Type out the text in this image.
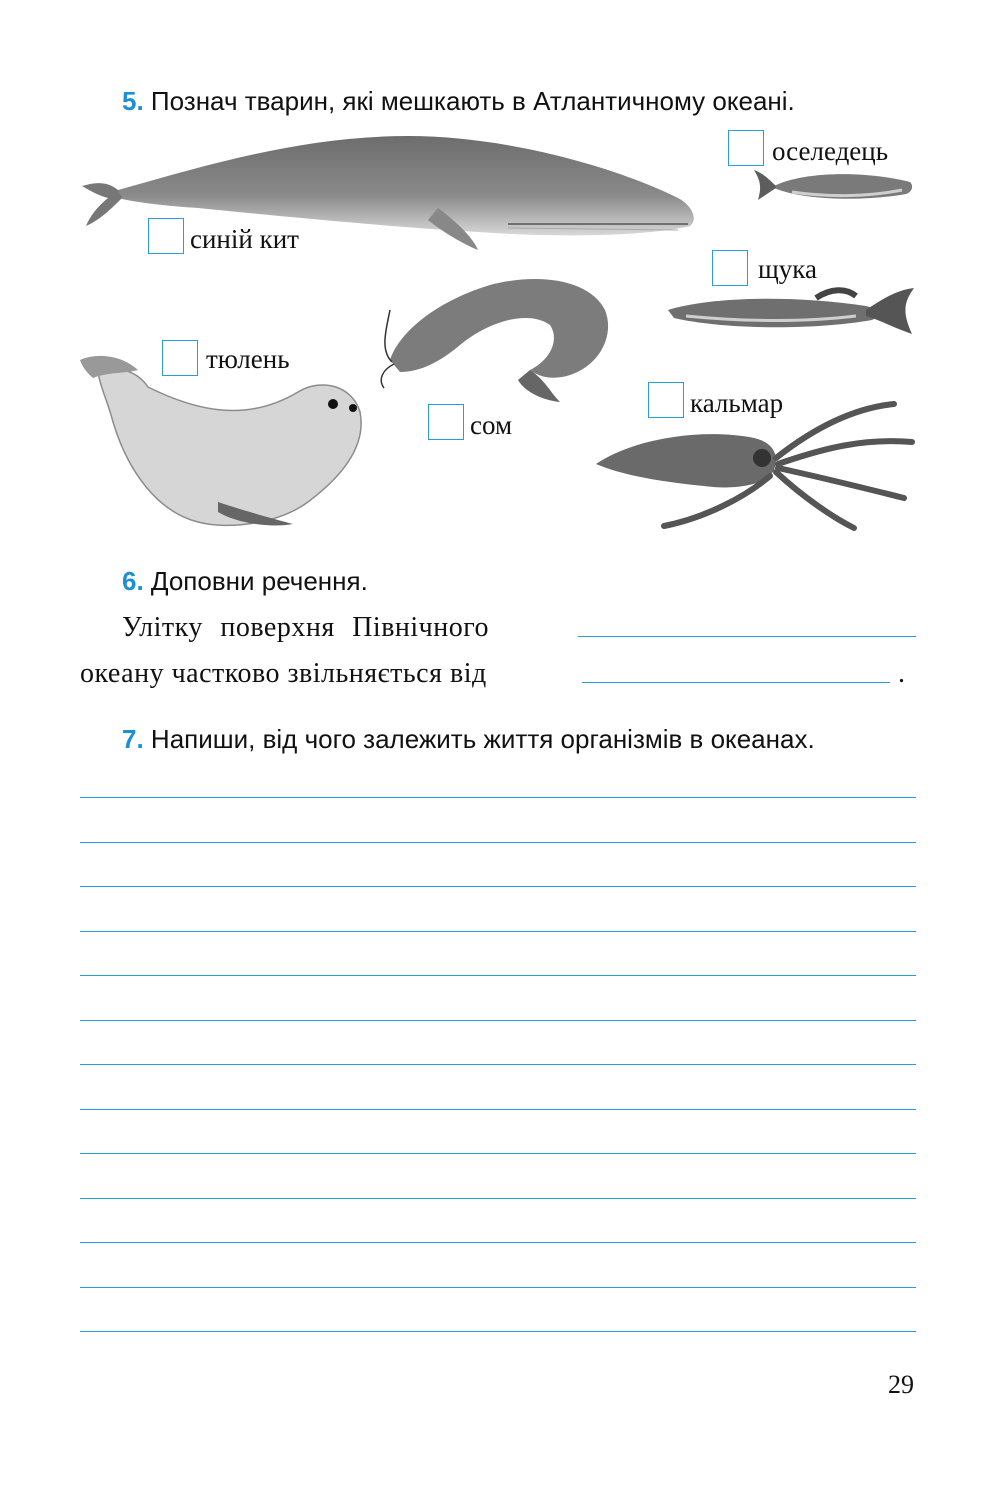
5. Познач тварин, які мешкають в Атлантичному океані.
оселедець
синій кит
щука
тюлень
кальмар
сом
6. Доповни речення.
Улітку поверхня Північного
океану частково звільняється від	.
7. Напиши, від чого залежить життя організмів в океанах.
29
